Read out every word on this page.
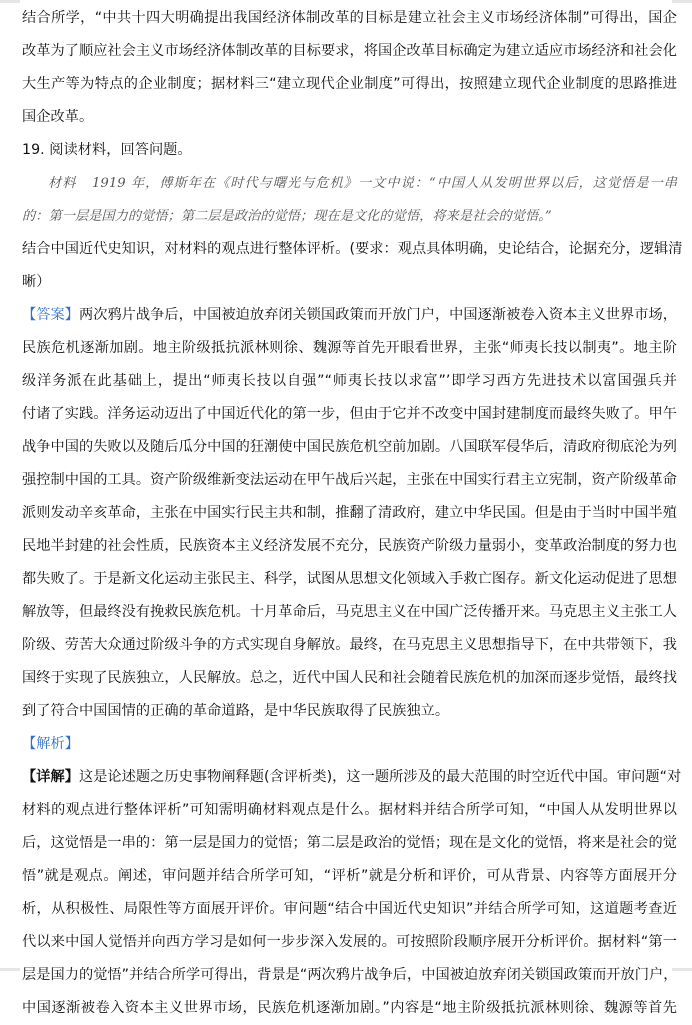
结合所学，“中共十四大明确提出我国经济体制改革的目标是建立社会主义市场经济体制”可得出，国企
改革为了顺应社会主义市场经济体制改革的目标要求，将国企改革目标确定为建立适应市场经济和社会化
大生产等为特点的企业制度；据材料三“建立现代企业制度”可得出，按照建立现代企业制度的思路推进
国企改革。
19. 阅读材料，回答问题。
材料 1919 年，傅斯年在《时代与曙光与危机》一文中说：“中国人从发明世界以后，这觉悟是一串
的：第一层是国力的觉悟；第二层是政治的觉悟；现在是文化的觉悟，将来是社会的觉悟。”
结合中国近代史知识，对材料的观点进行整体评析。(要求：观点具体明确，史论结合，论据充分，逻辑清
晰）
【答案】两次鸦片战争后，中国被迫放弃闭关锁国政策而开放门户，中国逐渐被卷入资本主义世界市场，
民族危机逐渐加剧。地主阶级抵抗派林则徐、魏源等首先开眼看世界，主张“师夷长技以制夷”。地主阶
级洋务派在此基础上，提出“师夷长技以自强”“师夷长技以求富”’即学习西方先进技术以富国强兵并
付诸了实践。洋务运动迈出了中国近代化的第一步，但由于它并不改变中国封建制度而最终失败了。甲午
战争中国的失败以及随后瓜分中国的狂潮使中国民族危机空前加剧。八国联军侵华后，清政府彻底沦为列
强控制中国的工具。资产阶级维新变法运动在甲午战后兴起，主张在中国实行君主立宪制，资产阶级革命
派则发动辛亥革命，主张在中国实行民主共和制，推翻了清政府，建立中华民国。但是由于当时中国半殖
民地半封建的社会性质，民族资本主义经济发展不充分，民族资产阶级力量弱小，变革政治制度的努力也
都失败了。于是新文化运动主张民主、科学，试图从思想文化领域入手救亡图存。新文化运动促进了思想
解放等，但最终没有挽救民族危机。十月革命后，马克思主义在中国广泛传播开来。马克思主义主张工人
阶级、劳苦大众通过阶级斗争的方式实现自身解放。最终，在马克思主义思想指导下，在中共带领下，我
国终于实现了民族独立，人民解放。总之，近代中国人民和社会随着民族危机的加深而逐步觉悟，最终找
到了符合中国国情的正确的革命道路，是中华民族取得了民族独立。
【解析】
【详解】这是论述题之历史事物阐释题(含评析类)，这一题所涉及的最大范围的时空近代中国。审问题“对
材料的观点进行整体评析”可知需明确材料观点是什么。据材料并结合所学可知，“中国人从发明世界以
后，这觉悟是一串的：第一层是国力的觉悟；第二层是政治的觉悟；现在是文化的觉悟，将来是社会的觉
悟”就是观点。阐述，审问题并结合所学可知，“评析”就是分析和评价，可从背景、内容等方面展开分
析，从积极性、局限性等方面展开评价。审问题“结合中国近代史知识”并结合所学可知，这道题考查近
代以来中国人觉悟并向西方学习是如何一步步深入发展的。可按照阶段顺序展开分析评价。据材料“第一
层是国力的觉悟”并结合所学可得出，背景是“两次鸦片战争后，中国被迫放弃闭关锁国政策而开放门户，
中国逐渐被卷入资本主义世界市场，民族危机逐渐加剧。”内容是“地主阶级抵抗派林则徐、魏源等首先
